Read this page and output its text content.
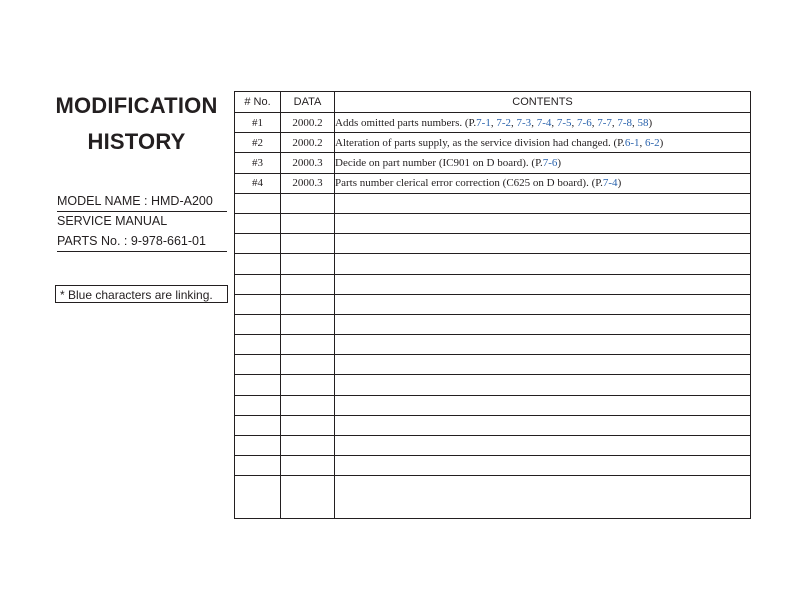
MODIFICATION
HISTORY
MODEL NAME : HMD-A200
SERVICE MANUAL
PARTS No. : 9-978-661-01
* Blue characters are linking.
# No.	DATA	CONTENTS
#1	2000.2	Adds omitted parts numbers. (P.7-1, 7-2, 7-3, 7-4, 7-5, 7-6, 7-7, 7-8, 58)
#2	2000.2	Alteration of parts supply, as the service division had changed. (P.6-1, 6-2)
#3	2000.3	Decide on part number (IC901 on D board). (P.7-6)
#4	2000.3	Parts number clerical error correction (C625 on D board). (P.7-4)
